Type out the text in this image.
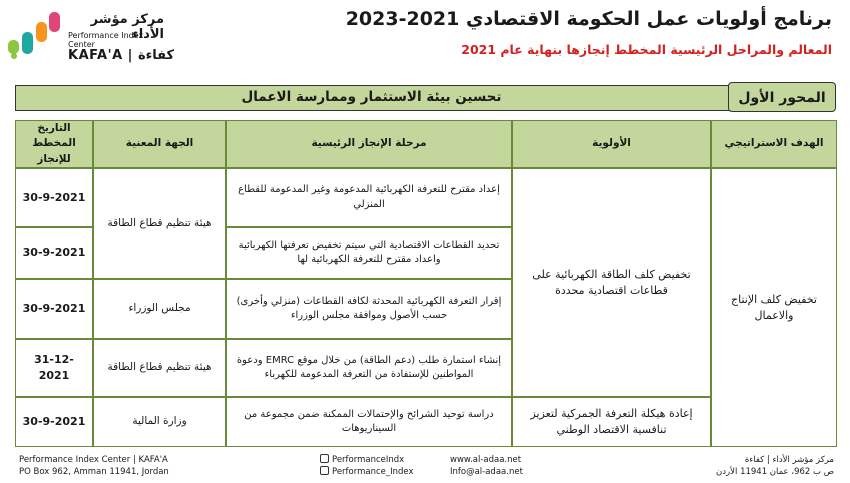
مركز مؤشر الأداء
Performance Index Center
KAFA'A | كفاءة
برنامج أولويات عمل الحكومة الاقتصادي 2021-2023
المعالم والمراحل الرئيسية المخطط إنجازها بنهاية عام 2021
تحسين بيئة الاستثمار وممارسة الاعمال	المحور الأول
الهدف الاستراتيجي
الأولوية
مرحلة الإنجاز الرئيسية
الجهة المعنية
التاريخ المخطط للإنجاز
تخفيض كلف الإنتاج والاعمال
تخفيض كلف الطاقة الكهربائية على قطاعات اقتصادية محددة
إعادة هيكلة التعرفة الجمركية لتعزيز تنافسية الاقتصاد الوطني
إعداد مقترح للتعرفة الكهربائية المدعومة وغير المدعومة للقطاع المنزلي
تحديد القطاعات الاقتصادية التي سيتم تخفيض تعرفتها الكهربائية واعداد مقترح للتعرفة الكهربائية لها
إقرار التعرفة الكهربائية المحدثة لكافة القطاعات (منزلي وأخرى) حسب الأصول وموافقة مجلس الوزراء
إنشاء استمارة طلب (دعم الطاقة) من خلال موقع EMRC ودعوة المواطنين للإستفادة من التعرفة المدعومة للكهرباء
دراسة توحيد الشرائح والإحتمالات الممكنة ضمن مجموعة من السيناريوهات
هيئة تنظيم قطاع الطاقة
مجلس الوزراء
هيئة تنظيم قطاع الطاقة
وزارة المالية
30-9-2021
30-9-2021
30-9-2021
31-12-2021
30-9-2021
Performance Index Center | KAFA'A
PO Box 962, Amman 11941, Jordan
PerformanceIndx
Performance_Index
www.al-adaa.net
Info@al-adaa.net
مركز مؤشر الأداء | كفاءة
ص ب 962، عمان 11941 الأردن
